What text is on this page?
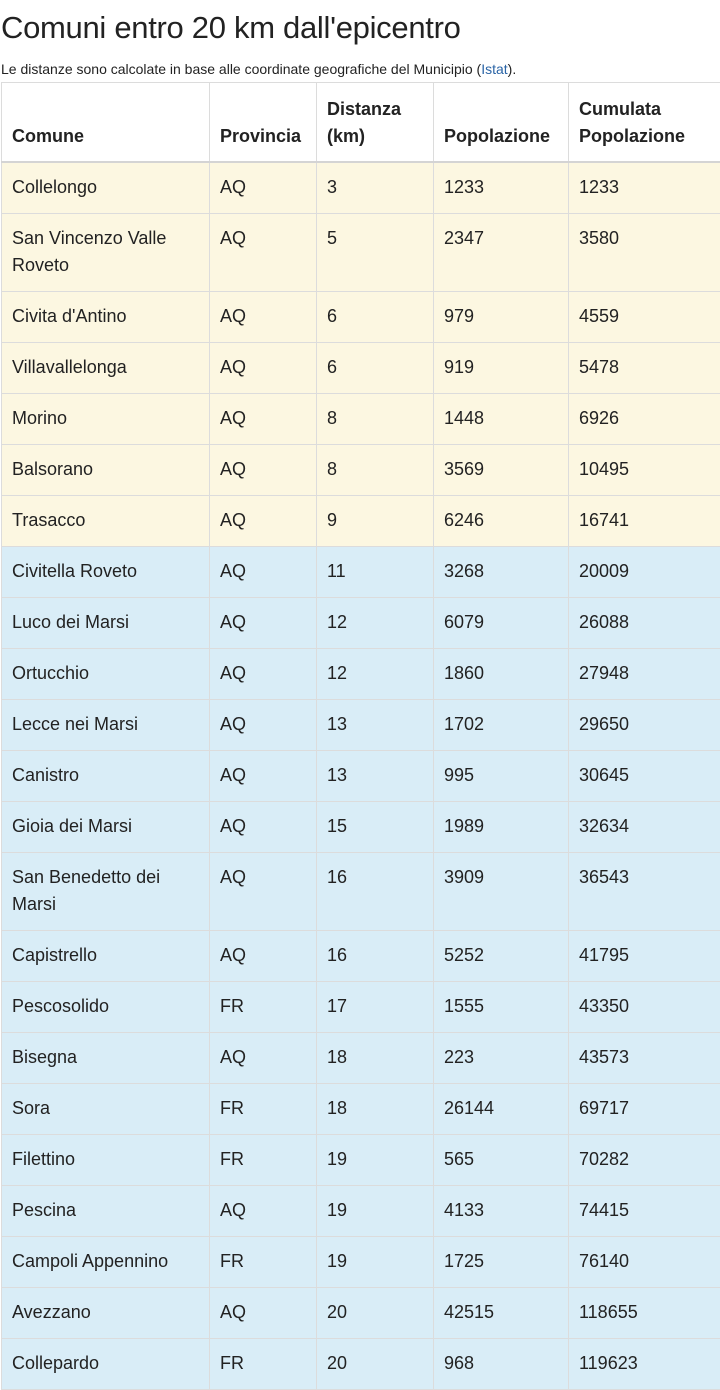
Comuni entro 20 km dall'epicentro
Le distanze sono calcolate in base alle coordinate geografiche del Municipio (Istat).
Comune	Provincia	Distanza (km)	Popolazione	Cumulata Popolazione
Collelongo	AQ	3	1233	1233
San Vincenzo Valle Roveto	AQ	5	2347	3580
Civita d'Antino	AQ	6	979	4559
Villavallelonga	AQ	6	919	5478
Morino	AQ	8	1448	6926
Balsorano	AQ	8	3569	10495
Trasacco	AQ	9	6246	16741
Civitella Roveto	AQ	11	3268	20009
Luco dei Marsi	AQ	12	6079	26088
Ortucchio	AQ	12	1860	27948
Lecce nei Marsi	AQ	13	1702	29650
Canistro	AQ	13	995	30645
Gioia dei Marsi	AQ	15	1989	32634
San Benedetto dei Marsi	AQ	16	3909	36543
Capistrello	AQ	16	5252	41795
Pescosolido	FR	17	1555	43350
Bisegna	AQ	18	223	43573
Sora	FR	18	26144	69717
Filettino	FR	19	565	70282
Pescina	AQ	19	4133	74415
Campoli Appennino	FR	19	1725	76140
Avezzano	AQ	20	42515	118655
Collepardo	FR	20	968	119623
